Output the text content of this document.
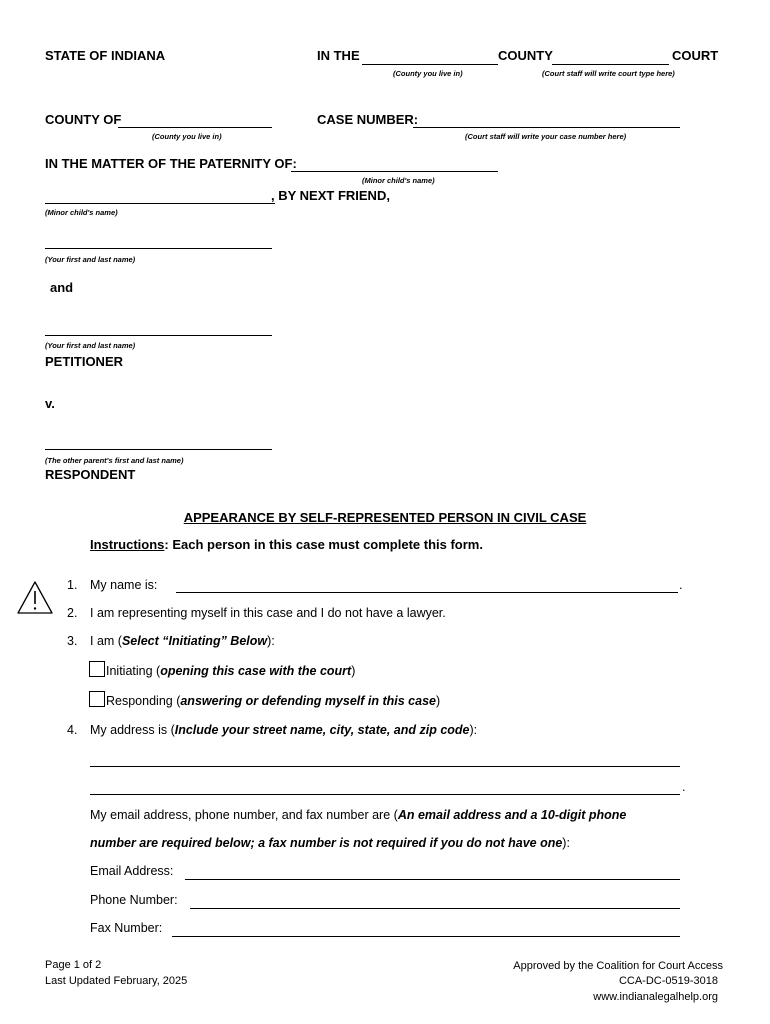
STATE OF INDIANA	IN THE	COUNTY	COURT
(County you live in)	(Court staff will write court type here)
COUNTY OF
(County you live in)
CASE NUMBER:
(Court staff will write your case number here)
IN THE MATTER OF THE PATERNITY OF:
(Minor child's name)
, BY NEXT FRIEND,
(Minor child's name)
(Your first and last name)
and
(Your first and last name)
PETITIONER
v.
(The other parent's first and last name)
RESPONDENT
APPEARANCE BY SELF-REPRESENTED PERSON IN CIVIL CASE
Instructions: Each person in this case must complete this form.
1. My name is:	.
2. I am representing myself in this case and I do not have a lawyer.
3. I am (Select “Initiating” Below):
Initiating (opening this case with the court)
Responding (answering or defending myself in this case)
4. My address is (Include your street name, city, state, and zip code):
.
My email address, phone number, and fax number are (An email address and a 10-digit phone
number are required below; a fax number is not required if you do not have one):
Email Address:
Phone Number:
Fax Number:
Page 1 of 2
Last Updated February, 2025
Approved by the Coalition for Court Access
CCA-DC-0519-3018
www.indianalegalhelp.org
